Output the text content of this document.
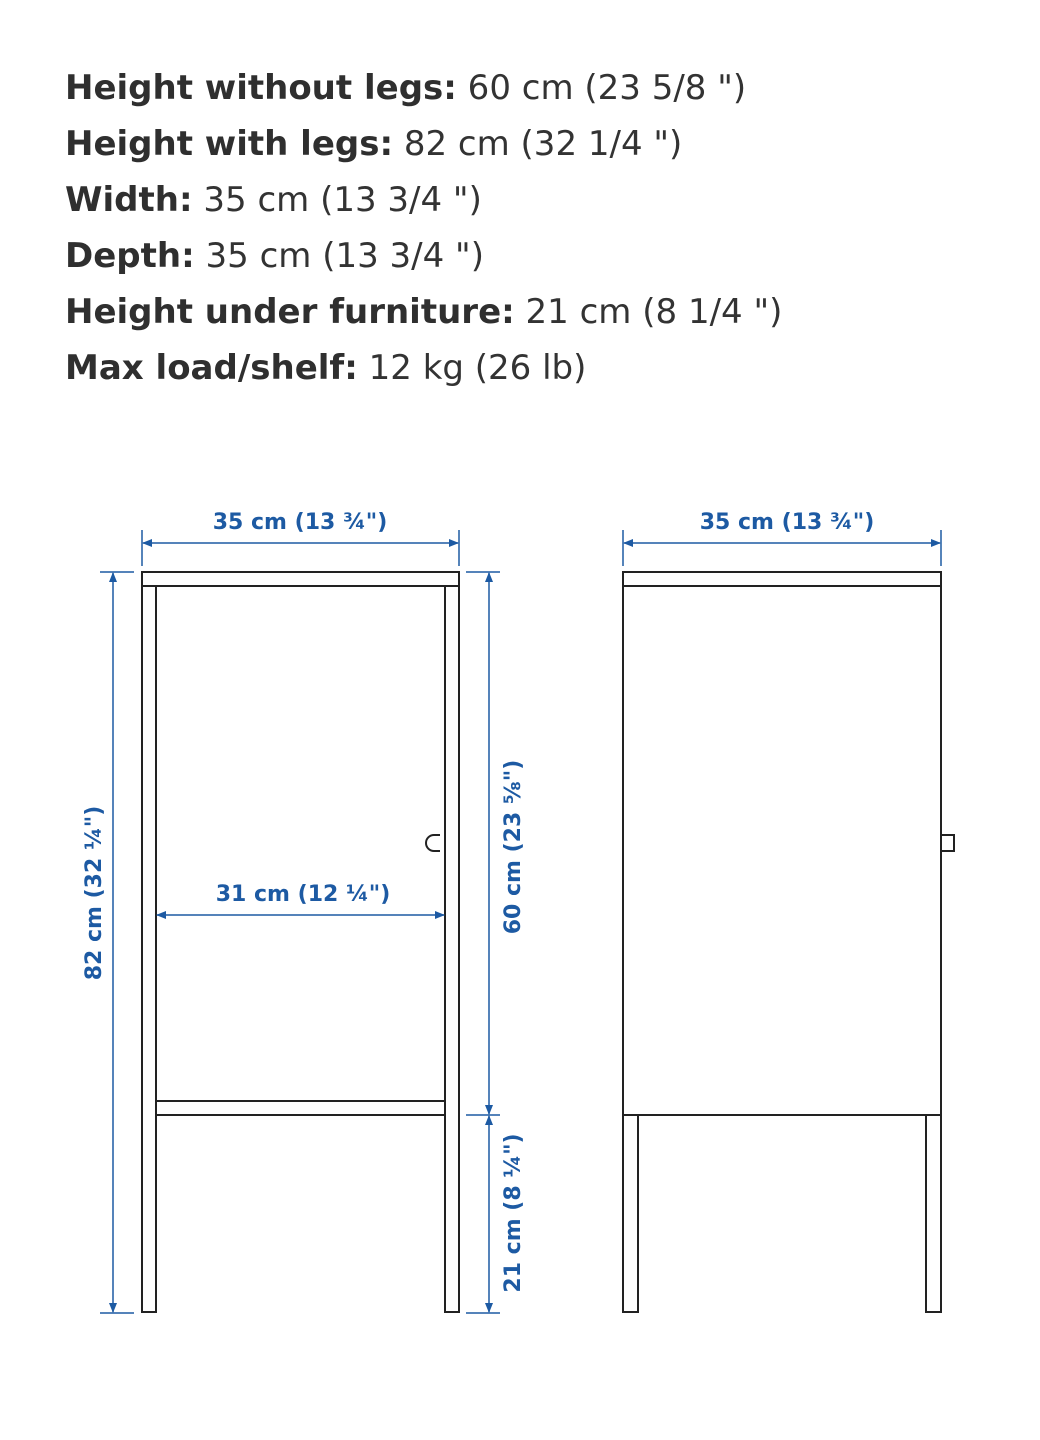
Height without legs: 60 cm (23 5/8 ")
Height with legs: 82 cm (32 1/4 ")
Width: 35 cm (13 3/4 ")
Depth: 35 cm (13 3/4 ")
Height under furniture: 21 cm (8 1/4 ")
Max load/shelf: 12 kg (26 lb)
35 cm (13 ¾")	35 cm (13 ¾")
31 cm (12 ¼")
82 cm (32 ¼")	60 cm (23 ⅝")
21 cm (8 ¼")
